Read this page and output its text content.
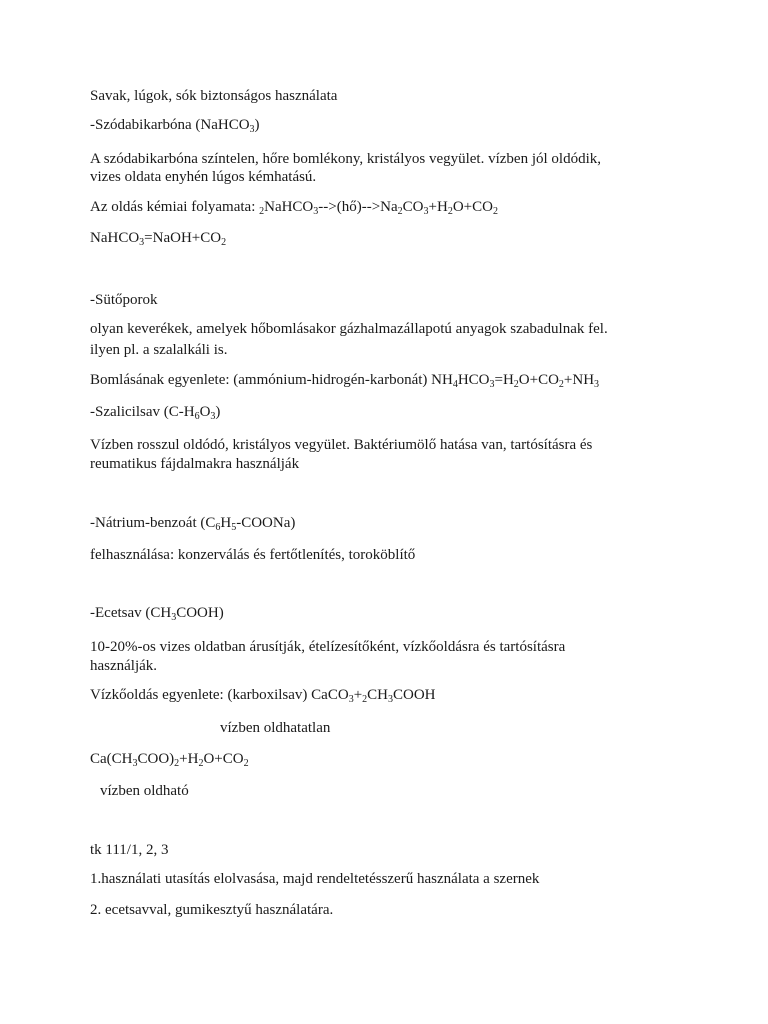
Savak, lúgok, sók biztonságos használata
-Szódabikarbóna (NaHCO$_3$)
A szódabikarbóna színtelen, hőre bomlékony, kristályos vegyület. vízben jól oldódik,
vizes oldata enyhén lúgos kémhatású.
Az oldás kémiai folyamata: $_2NaHCO_3-->(hő)-->Na_2CO_3+H_2O+CO_2$
$NaHCO_3=NaOH+CO_2$
-Sütőporok
olyan keverékek, amelyek hőbomlásakor gázhalmazállapotú anyagok szabadulnak fel.
ilyen pl. a szalalkáli is.
Bomlásának egyenlete: (ammónium-hidrogén-karbonát) $NH_4HCO_3=H_2O+CO_2+NH_3$
-Szalicilsav $(C-H_6O_3)$
Vízben rosszul oldódó, kristályos vegyület. Baktériumölő hatása van, tartósításra és
reumatikus fájdalmakra használják
-Nátrium-benzoát $(C_6H_5-COONa)$
felhasználása: konzerválás és fertőtlenítés, toroköblítő
-Ecetsav $(CH_3COOH)$
10-20%-os vizes oldatban árusítják, ételízesítőként, vízkőoldásra és tartósításra
használják.
Vízkőoldás egyenlete: (karboxilsav) $CaCO_3+_2CH_3COOH$
vízben oldhatatlan
$Ca(CH_3COO)_2+H_2O+CO_2$
vízben oldható
tk 111/1, 2, 3
1.használati utasítás elolvasása, majd rendeltetésszerű használata a szernek
2. ecetsavval, gumikesztyű használatára.
